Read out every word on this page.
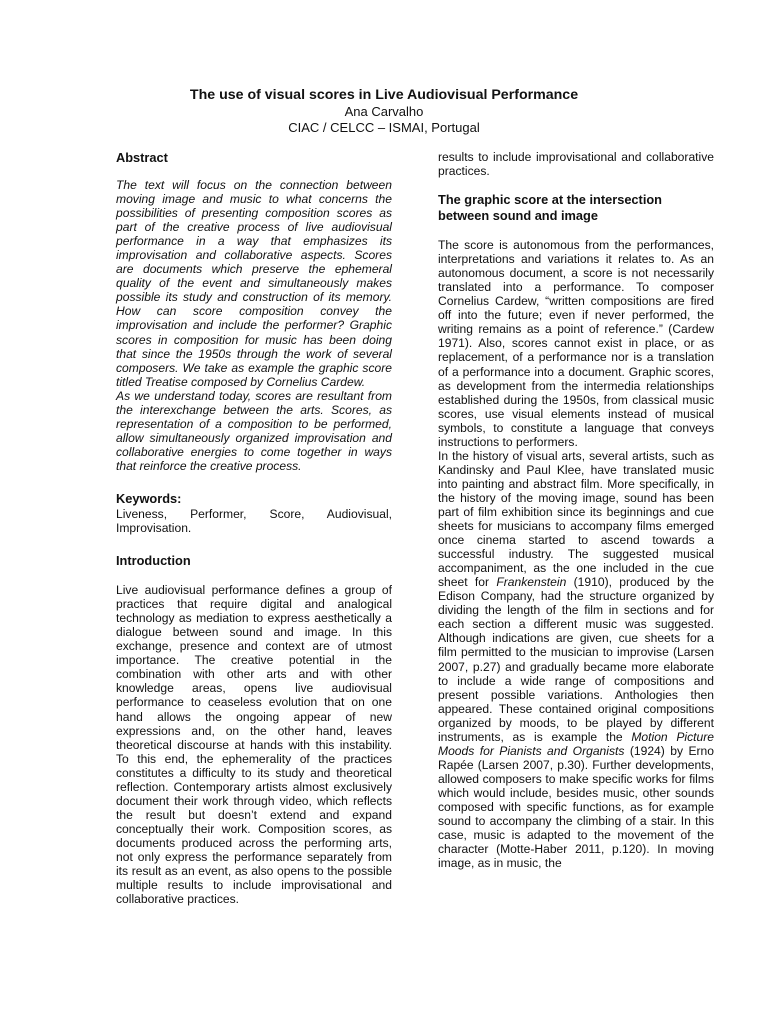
The use of visual scores in Live Audiovisual Performance
Ana Carvalho
CIAC / CELCC – ISMAI, Portugal
Abstract

The text will focus on the connection between moving image and music to what concerns the possibilities of presenting composition scores as part of the creative process of live audiovisual performance in a way that emphasizes its improvisation and collaborative aspects. Scores are documents which preserve the ephemeral quality of the event and simultaneously makes possible its study and construction of its memory. How can score composition convey the improvisation and include the performer? Graphic scores in composition for music has been doing that since the 1950s through the work of several composers. We take as example the graphic score titled Treatise composed by Cornelius Cardew.

As we understand today, scores are resultant from the interexchange between the arts. Scores, as representation of a composition to be performed, allow simultaneously organized improvisation and collaborative energies to come together in ways that reinforce the creative process.

Keywords:

Liveness, Performer, Score, Audiovisual, Improvisation.

Introduction

Live audiovisual performance defines a group of practices that require digital and analogical technology as mediation to express aesthetically a dialogue between sound and image. In this exchange, presence and context are of utmost importance. The creative potential in the combination with other arts and with other knowledge areas, opens live audiovisual performance to ceaseless evolution that on one hand allows the ongoing appear of new expressions and, on the other hand, leaves theoretical discourse at hands with this instability. To this end, the ephemerality of the practices constitutes a difficulty to its study and theoretical reflection. Contemporary artists almost exclusively document their work through video, which reflects the result but doesn’t extend and expand conceptually their work. Composition scores, as documents produced across the performing arts, not only express the performance separately from its result as an event, as also opens to the possible multiple results to include improvisational and collaborative practices.

results to include improvisational and collaborative practices.

The graphic score at the intersection between sound and image

The score is autonomous from the performances, interpretations and variations it relates to. As an autonomous document, a score is not necessarily translated into a performance. To composer Cornelius Cardew, “written compositions are fired off into the future; even if never performed, the writing remains as a point of reference.” (Cardew 1971). Also, scores cannot exist in place, or as replacement, of a performance nor is a translation of a performance into a document. Graphic scores, as development from the intermedia relationships established during the 1950s, from classical music scores, use visual elements instead of musical symbols, to constitute a language that conveys instructions to performers.

In the history of visual arts, several artists, such as Kandinsky and Paul Klee, have translated music into painting and abstract film. More specifically, in the history of the moving image, sound has been part of film exhibition since its beginnings and cue sheets for musicians to accompany films emerged once cinema started to ascend towards a successful industry. The suggested musical accompaniment, as the one included in the cue sheet for Frankenstein (1910), produced by the Edison Company, had the structure organized by dividing the length of the film in sections and for each section a different music was suggested. Although indications are given, cue sheets for a film permitted to the musician to improvise (Larsen 2007, p.27) and gradually became more elaborate to include a wide range of compositions and present possible variations. Anthologies then appeared. These contained original compositions organized by moods, to be played by different instruments, as is example the Motion Picture Moods for Pianists and Organists (1924) by Erno Rapée (Larsen 2007, p.30). Further developments, allowed composers to make specific works for films which would include, besides music, other sounds composed with specific functions, as for example sound to accompany the climbing of a stair. In this case, music is adapted to the movement of the character (Motte-Haber 2011, p.120). In moving image, as in music, the
